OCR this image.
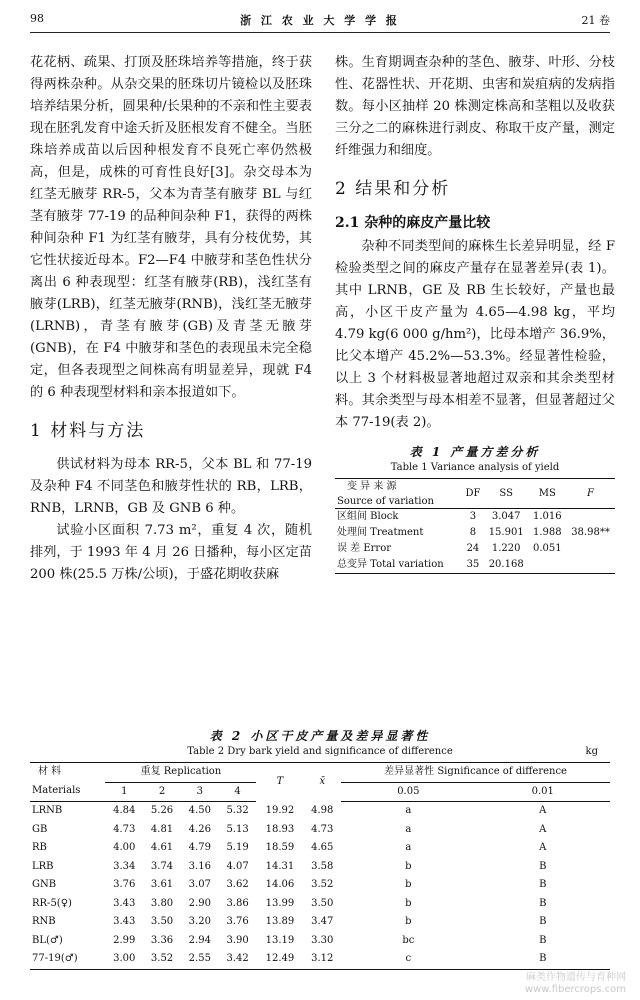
98	浙 江 农 业 大 学 学 报	21 卷

花花柄、疏果、打顶及胚珠培养等措施，终于获得两株杂种。从杂交果的胚珠切片镜检以及胚珠培养结果分析，圆果种/长果种的不亲和性主要表现在胚乳发育中途夭折及胚根发育不健全。当胚珠培养成苗以后因种根发育不良死亡率仍然极高，但是，成株的可育性良好[3]。杂交母本为红茎无腋芽 RR-5，父本为青茎有腋芽 BL 与红茎有腋芽 77-19 的品种间杂种 F1，获得的两株种间杂种 F1 为红茎有腋芽，具有分枝优势，其它性状接近母本。F2—F4 中腋芽和茎色性状分离出 6 种表现型：红茎有腋芽(RB)，浅红茎有腋芽(LRB)，红茎无腋芽(RNB)，浅红茎无腋芽(LRNB)，青茎有腋芽(GB)及青茎无腋芽(GNB)，在 F4 中腋芽和茎色的表现虽未完全稳定，但各表现型之间株高有明显差异，现就 F4 的 6 种表现型材料和亲本报道如下。

1 材料与方法

供试材料为母本 RR-5，父本 BL 和 77-19 及杂种 F4 不同茎色和腋芽性状的 RB，LRB，RNB，LRNB，GB 及 GNB 6 种。

试验小区面积 7.73 m²，重复 4 次，随机排列，于 1993 年 4 月 26 日播种，每小区定苗 200 株(25.5 万株/公顷)，于盛花期收获麻

株。生育期调查杂种的茎色、腋芽、叶形、分枝性、花器性状、开花期、虫害和炭疽病的发病指数。每小区抽样 20 株测定株高和茎粗以及收获三分之二的麻株进行剥皮、称取干皮产量，测定纤维强力和细度。

2 结果和分析
2.1 杂种的麻皮产量比较

杂种不同类型间的麻株生长差异明显，经 F 检验类型之间的麻皮产量存在显著差异(表 1)。其中 LRNB，GE 及 RB 生长较好，产量也最高，小区干皮产量为 4.65—4.98 kg，平均 4.79 kg(6 000 g/hm²)，比母本增产 36.9%，比父本增产 45.2%—53.3%。经显著性检验，以上 3 个材料极显著地超过双亲和其余类型材料。其余类型与母本相差不显著，但显著超过父本 77-19(表 2)。

表 1 产量方差分析
Table 1 Variance analysis of yield
变 异 来 源	DF	SS	MS	F
Source of variation				
区组间 Block	3	3.047	1.016	
处理间 Treatment	8	15.901	1.988	38.98**
误 差 Error	24	1.220	0.051	
总变异 Total variation	35	20.168		
表 2 小区干皮产量及差异显著性
Table 2 Dry bark yield and significance of difference	kg
材 料	重复 Replication				T	x̄	差异显著性 Significance of difference	
Materials	1	2	3	4			0.05	0.01
LRNB	4.84	5.26	4.50	5.32	19.92	4.98	a	A
GB	4.73	4.81	4.26	5.13	18.93	4.73	a	A
RB	4.00	4.61	4.79	5.19	18.59	4.65	a	A
LRB	3.34	3.74	3.16	4.07	14.31	3.58	b	B
GNB	3.76	3.61	3.07	3.62	14.06	3.52	b	B
RR-5(♀)	3.43	3.80	2.90	3.86	13.99	3.50	b	B
RNB	3.43	3.50	3.20	3.76	13.89	3.47	b	B
BL(♂)	2.99	3.36	2.94	3.90	13.19	3.30	bc	B
77-19(♂)	3.00	3.52	2.55	3.42	12.49	3.12	c	B
麻类作物遗传与育种网
www.fibercrops.com
